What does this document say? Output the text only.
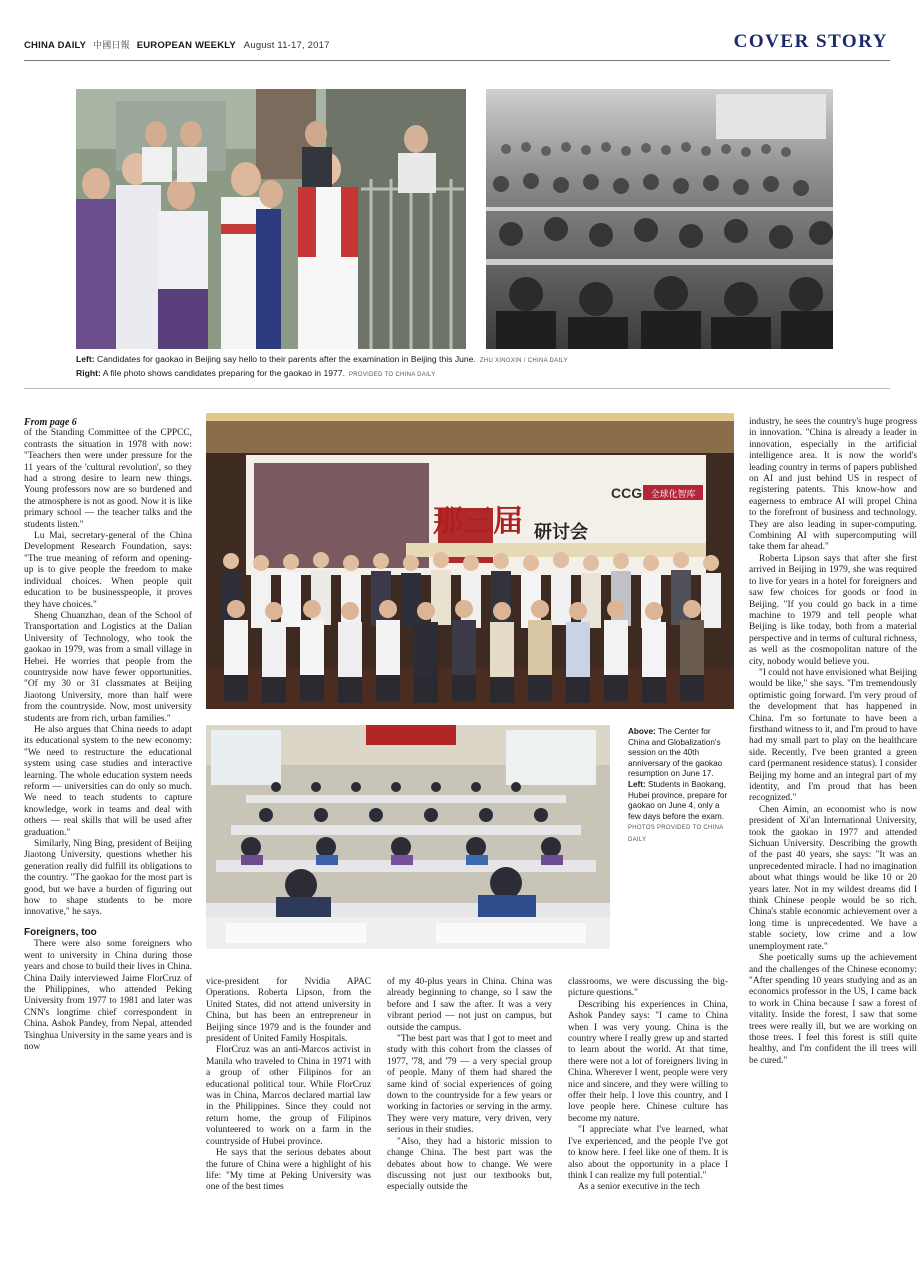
CHINA DAILY 中國日報 EUROPEAN WEEKLY August 11-17, 2017	COVER STORY
Left: Candidates for gaokao in Beijing say hello to their parents after the examination in Beijing this June. ZHU XINGXIN / CHINA DAILY
Right: A file photo shows candidates preparing for the gaokao in 1977. PROVIDED TO CHINA DAILY
那三届 研讨会
CCG 全球化智库
Above: The Center for China and Globalization's session on the 40th anniversary of the gaokao resumption on June 17.
Left: Students in Baokang, Hubei province, prepare for gaokao on June 4, only a few days before the exam. PHOTOS PROVIDED TO CHINA DAILY

From page 6

of the Standing Committee of the CPPCC, contrasts the situation in 1978 with now: "Teachers then were under pressure for the 11 years of the 'cultural revolution', so they had a strong desire to learn new things. Young professors now are so burdened and the atmosphere is not as good. Now it is like primary school — the teacher talks and the students listen."

Lu Mai, secretary-general of the China Development Research Foundation, says: "The true meaning of reform and opening-up is to give people the freedom to make individual choices. When people quit education to be businesspeople, it proves they have choices."

Sheng Chuanzhao, dean of the School of Transportation and Logistics at the Dalian University of Technology, who took the gaokao in 1979, was from a small village in Hebei. He worries that people from the countryside now have fewer opportunities. "Of my 30 or 31 classmates at Beijing Jiaotong University, more than half were from the countryside. Now, most university students are from rich, urban families."

He also argues that China needs to adapt its educational system to the new economy: "We need to restructure the educational system using case studies and interactive learning. The whole education system needs reform — universities can do only so much. We need to teach students to capture knowledge, work in teams and deal with others — real skills that will be used after graduation."

Similarly, Ning Bing, president of Beijing Jiaotong University, questions whether his generation really did fulfill its obligations to the country. "The gaokao for the most part is good, but we have a burden of figuring out how to shape students to be more innovative," he says.

Foreigners, too

There were also some foreigners who went to university in China during those years and chose to build their lives in China. China Daily interviewed Jaime FlorCruz of the Philippines, who attended Peking University from 1977 to 1981 and later was CNN's longtime chief correspondent in China. Ashok Pandey, from Nepal, attended Tsinghua University in the same years and is now

vice-president for Nvidia APAC Operations. Roberta Lipson, from the United States, did not attend university in China, but has been an entrepreneur in Beijing since 1979 and is the founder and president of United Family Hospitals.

FlorCruz was an anti-Marcos activist in Manila who traveled to China in 1971 with a group of other Filipinos for an educational political tour. While FlorCruz was in China, Marcos declared martial law in the Philippines. Since they could not return home, the group of Filipinos volunteered to work on a farm in the countryside of Hubei province.

He says that the serious debates about the future of China were a highlight of his life: "My time at Peking University was one of the best times

of my 40-plus years in China. China was already beginning to change, so I saw the before and I saw the after. It was a very vibrant period — not just on campus, but outside the campus.

"The best part was that I got to meet and study with this cohort from the classes of 1977, '78, and '79 — a very special group of people. Many of them had shared the same kind of social experiences of going down to the countryside for a few years or working in factories or serving in the army. They were very mature, very driven, very serious in their studies.

"Also, they had a historic mission to change China. The best part was the debates about how to change. We were discussing not just our textbooks but, especially outside the

classrooms, we were discussing the big-picture questions."

Describing his experiences in China, Ashok Pandey says: "I came to China when I was very young. China is the country where I really grew up and started to learn about the world. At that time, there were not a lot of foreigners living in China. Wherever I went, people were very nice and sincere, and they were willing to offer their help. I love this country, and I love people here. Chinese culture has become my nature.

"I appreciate what I've learned, what I've experienced, and the people I've got to know here. I feel like one of them. It is also about the opportunity in a place I think I can realize my full potential."

As a senior executive in the tech

industry, he sees the country's huge progress in innovation. "China is already a leader in innovation, especially in the artificial intelligence area. It is now the world's leading country in terms of papers published on AI and just behind US in respect of registering patents. This know-how and eagerness to embrace AI will propel China to the forefront of business and technology. They are also leading in super-computing. Combining AI with supercomputing will take them far ahead."

Roberta Lipson says that after she first arrived in Beijing in 1979, she was required to live for years in a hotel for foreigners and saw few choices for goods or food in Beijing. "If you could go back in a time machine to 1979 and tell people what Beijing is like today, both from a material perspective and in terms of cultural richness, as well as the cosmopolitan nature of the city, nobody would believe you.

"I could not have envisioned what Beijing would be like," she says. "I'm tremendously optimistic going forward. I'm very proud of the development that has happened in China. I'm so fortunate to have been a firsthand witness to it, and I'm proud to have had my small part to play on the healthcare side. Recently, I've been granted a green card (permanent residence status). I consider Beijing my home and an integral part of my identity, and I'm proud that has been recognized."

Chen Aimin, an economist who is now president of Xi'an International University, took the gaokao in 1977 and attended Sichuan University. Describing the growth of the past 40 years, she says: "It was an unprecedented miracle. I had no imagination about what things would be like 10 or 20 years later. Not in my wildest dreams did I think Chinese people would be so rich. China's stable economic achievement over a long time is unprecedented. We have a stable society, low crime and a low unemployment rate."

She poetically sums up the achievement and the challenges of the Chinese economy: "After spending 10 years studying and as an economics professor in the US, I came back to work in China because I saw a forest of vitality. Inside the forest, I saw that some trees were really ill, but we are working on those trees. I feel this forest is still quite healthy, and I'm confident the ill trees will be cured."
